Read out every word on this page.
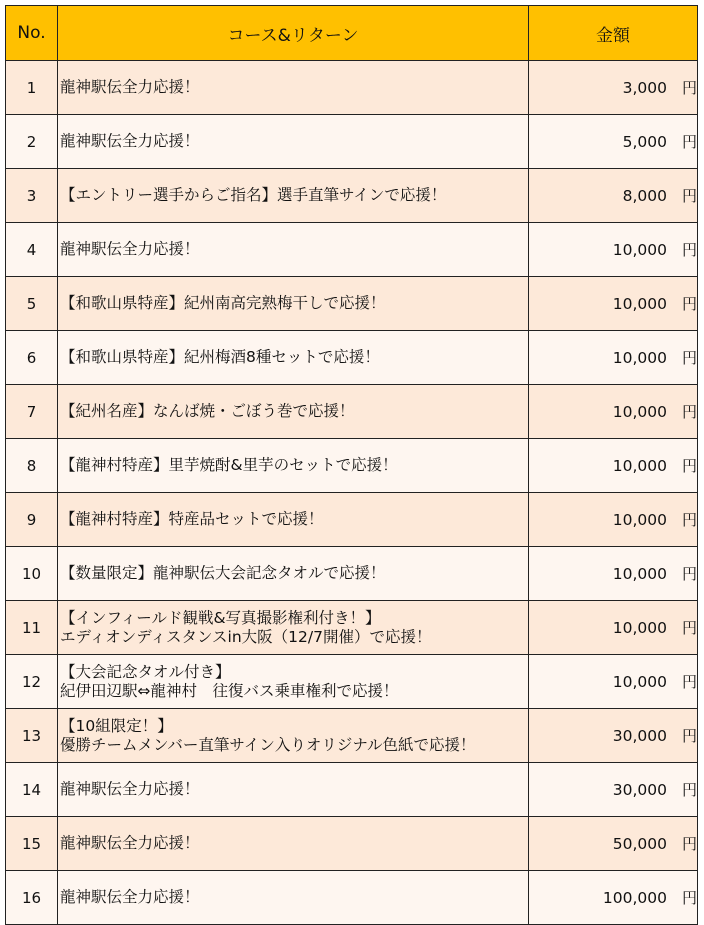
No.	コース&リターン	金額
1	龍神駅伝全力応援！	3,000 円
2	龍神駅伝全力応援！	5,000 円
3	【エントリー選手からご指名】選手直筆サインで応援！	8,000 円
4	龍神駅伝全力応援！	10,000 円
5	【和歌山県特産】紀州南高完熟梅干しで応援！	10,000 円
6	【和歌山県特産】紀州梅酒8種セットで応援！	10,000 円
7	【紀州名産】なんば焼・ごぼう巻で応援！	10,000 円
8	【龍神村特産】里芋焼酎&里芋のセットで応援！	10,000 円
9	【龍神村特産】特産品セットで応援！	10,000 円
10	【数量限定】龍神駅伝大会記念タオルで応援！	10,000 円
11	【インフィールド観戦&写真撮影権利付き！】
エディオンディスタンスin大阪（12/7開催）で応援！	10,000 円
12	【大会記念タオル付き】
紀伊田辺駅⇔龍神村　往復バス乗車権利で応援！	10,000 円
13	【10組限定！】
優勝チームメンバー直筆サイン入りオリジナル色紙で応援！	30,000 円
14	龍神駅伝全力応援！	30,000 円
15	龍神駅伝全力応援！	50,000 円
16	龍神駅伝全力応援！	100,000 円
